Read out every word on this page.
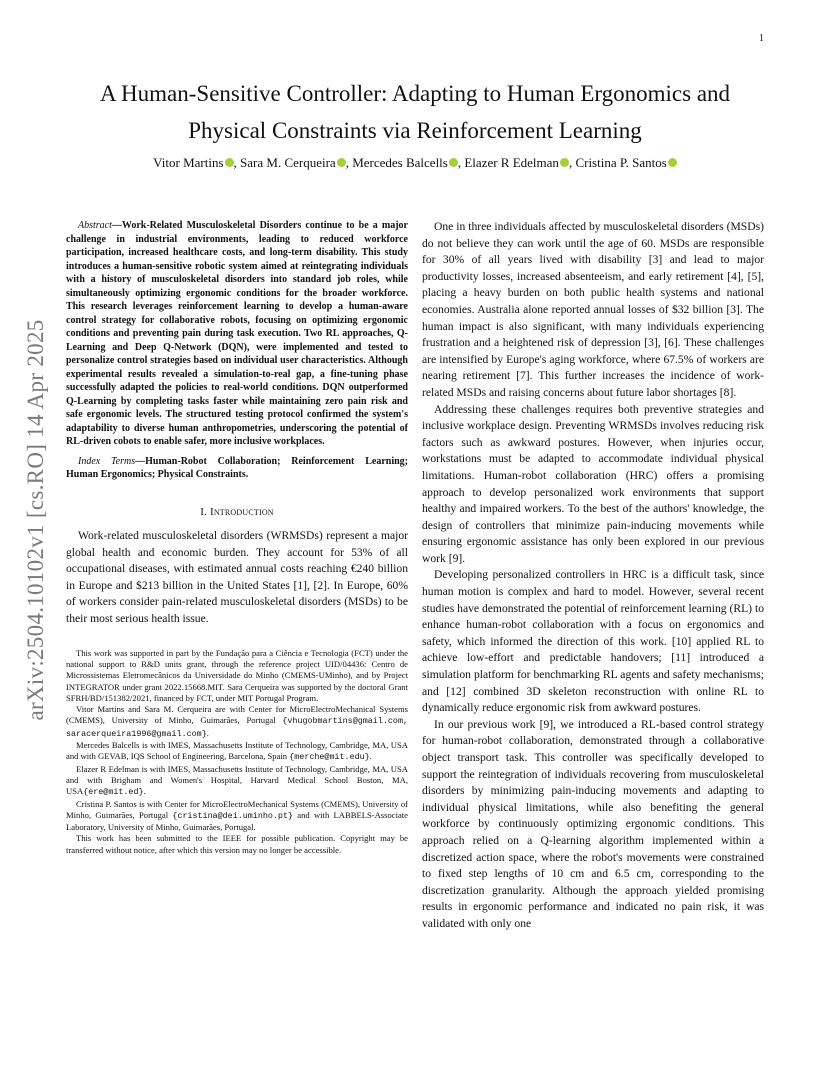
1
arXiv:2504.10102v1 [cs.RO] 14 Apr 2025
A Human-Sensitive Controller: Adapting to Human Ergonomics and Physical Constraints via Reinforcement Learning
Vitor Martins , Sara M. Cerqueira , Mercedes Balcells , Elazer R Edelman , Cristina P. Santos

Abstract—Work-Related Musculoskeletal Disorders continue to be a major challenge in industrial environments, leading to reduced workforce participation, increased healthcare costs, and long-term disability. This study introduces a human-sensitive robotic system aimed at reintegrating individuals with a history of musculoskeletal disorders into standard job roles, while simultaneously optimizing ergonomic conditions for the broader workforce. This research leverages reinforcement learning to develop a human-aware control strategy for collaborative robots, focusing on optimizing ergonomic conditions and preventing pain during task execution. Two RL approaches, Q-Learning and Deep Q-Network (DQN), were implemented and tested to personalize control strategies based on individual user characteristics. Although experimental results revealed a simulation-to-real gap, a fine-tuning phase successfully adapted the policies to real-world conditions. DQN outperformed Q-Learning by completing tasks faster while maintaining zero pain risk and safe ergonomic levels. The structured testing protocol confirmed the system's adaptability to diverse human anthropometries, underscoring the potential of RL-driven cobots to enable safer, more inclusive workplaces.

Index Terms—Human-Robot Collaboration; Reinforcement Learning; Human Ergonomics; Physical Constraints.

I. Introduction

Work-related musculoskeletal disorders (WRMSDs) represent a major global health and economic burden. They account for 53% of all occupational diseases, with estimated annual costs reaching €240 billion in Europe and $213 billion in the United States [1], [2]. In Europe, 60% of workers consider pain-related musculoskeletal disorders (MSDs) to be their most serious health issue.

This work was supported in part by the Fundação para a Ciência e Tecnologia (FCT) under the national support to R&D units grant, through the reference project UID/04436: Centro de Microssistemas Eletromecânicos da Universidade do Minho (CMEMS-UMinho), and by Project INTEGRATOR under grant 2022.15668.MIT. Sara Cerqueira was supported by the doctoral Grant SFRH/BD/151382/2021, financed by FCT, under MIT Portugal Program.

Vitor Martins and Sara M. Cerqueira are with Center for MicroElectroMechanical Systems (CMEMS), University of Minho, Guimarães, Portugal {vhugobmartins@gmail.com, saracerqueira1996@gmail.com}.

Mercedes Balcells is with IMES, Massachusetts Institute of Technology, Cambridge, MA, USA and with GEVAB, IQS School of Engineering, Barcelona, Spain {merche@mit.edu}.

Elazer R Edelman is with IMES, Massachusetts Institute of Technology, Cambridge, MA, USA and with Brigham and Women's Hospital, Harvard Medical School Boston, MA, USA{ere@mit.ed}.

Cristina P. Santos is with Center for MicroElectroMechanical Systems (CMEMS), University of Minho, Guimarães, Portugal {cristina@dei.uminho.pt} and with LABBELS-Associate Laboratory, University of Minho, Guimarães, Portugal.

This work has been submitted to the IEEE for possible publication. Copyright may be transferred without notice, after which this version may no longer be accessible.

One in three individuals affected by musculoskeletal disorders (MSDs) do not believe they can work until the age of 60. MSDs are responsible for 30% of all years lived with disability [3] and lead to major productivity losses, increased absenteeism, and early retirement [4], [5], placing a heavy burden on both public health systems and national economies. Australia alone reported annual losses of $32 billion [3]. The human impact is also significant, with many individuals experiencing frustration and a heightened risk of depression [3], [6]. These challenges are intensified by Europe's aging workforce, where 67.5% of workers are nearing retirement [7]. This further increases the incidence of work-related MSDs and raising concerns about future labor shortages [8].

Addressing these challenges requires both preventive strategies and inclusive workplace design. Preventing WRMSDs involves reducing risk factors such as awkward postures. However, when injuries occur, workstations must be adapted to accommodate individual physical limitations. Human-robot collaboration (HRC) offers a promising approach to develop personalized work environments that support healthy and impaired workers. To the best of the authors' knowledge, the design of controllers that minimize pain-inducing movements while ensuring ergonomic assistance has only been explored in our previous work [9].

Developing personalized controllers in HRC is a difficult task, since human motion is complex and hard to model. However, several recent studies have demonstrated the potential of reinforcement learning (RL) to enhance human-robot collaboration with a focus on ergonomics and safety, which informed the direction of this work. [10] applied RL to achieve low-effort and predictable handovers; [11] introduced a simulation platform for benchmarking RL agents and safety mechanisms; and [12] combined 3D skeleton reconstruction with online RL to dynamically reduce ergonomic risk from awkward postures.

In our previous work [9], we introduced a RL-based control strategy for human-robot collaboration, demonstrated through a collaborative object transport task. This controller was specifically developed to support the reintegration of individuals recovering from musculoskeletal disorders by minimizing pain-inducing movements and adapting to individual physical limitations, while also benefiting the general workforce by continuously optimizing ergonomic conditions. This approach relied on a Q-learning algorithm implemented within a discretized action space, where the robot's movements were constrained to fixed step lengths of 10 cm and 6.5 cm, corresponding to the discretization granularity. Although the approach yielded promising results in ergonomic performance and indicated no pain risk, it was validated with only one
